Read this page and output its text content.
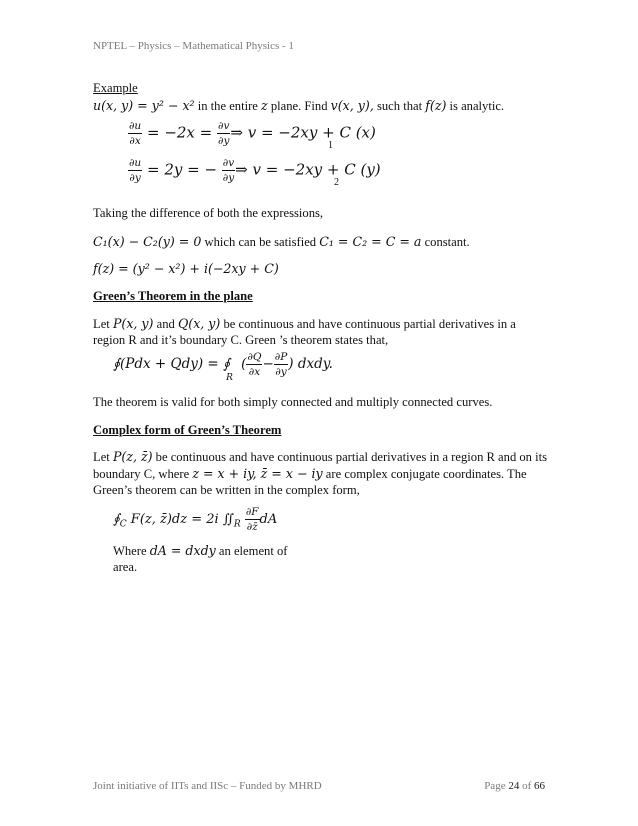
NPTEL – Physics – Mathematical Physics - 1
Example
u(x, y) = y² − x² in the entire z plane. Find v(x, y), such that f(z) is analytic.
$\frac{\partial u}{\partial x} = -2x = \frac{\partial v}{\partial y}$ ⇒ v = −2xy + C (x)
1
$\frac{\partial u}{\partial y} = 2y$ = − $\frac{\partial v}{\partial y}$ ⇒ v = −2xy + C (y)
2
Taking the difference of both the expressions,
C₁(x) − C₂(y) = 0 which can be satisfied C₁ = C₂ = C = a constant.
f(z) = (y² − x²) + i(−2xy + C)
Green’s Theorem in the plane
Let P(x, y) and Q(x, y) be continuous and have continuous partial derivatives in a
region R and it’s boundary C. Green ’s theorem states that,
∮(Pdx + $Qdy) = ∮_R$ ( $\frac{\partial Q}{\partial x} - \frac{\partial P}{\partial y}$ ) dxdy.
The theorem is valid for both simply connected and multiply connected curves.
Complex form of Green’s Theorem
Let P(z, z̄) be continuous and have continuous partial derivatives in a region R and on its
boundary C, where z = x + iy, z̄ = x − iy are complex conjugate coordinates. The
Green’s theorem can be written in the complex form,
$∮_C$ F(z, z̄)dz = 2i $∬_R \frac{\partial F}{\partial z̄}$ dA
Where dA = dxdy an element of
area.
Joint initiative of IITs and IISc – Funded by MHRD	Page 24 of 66
